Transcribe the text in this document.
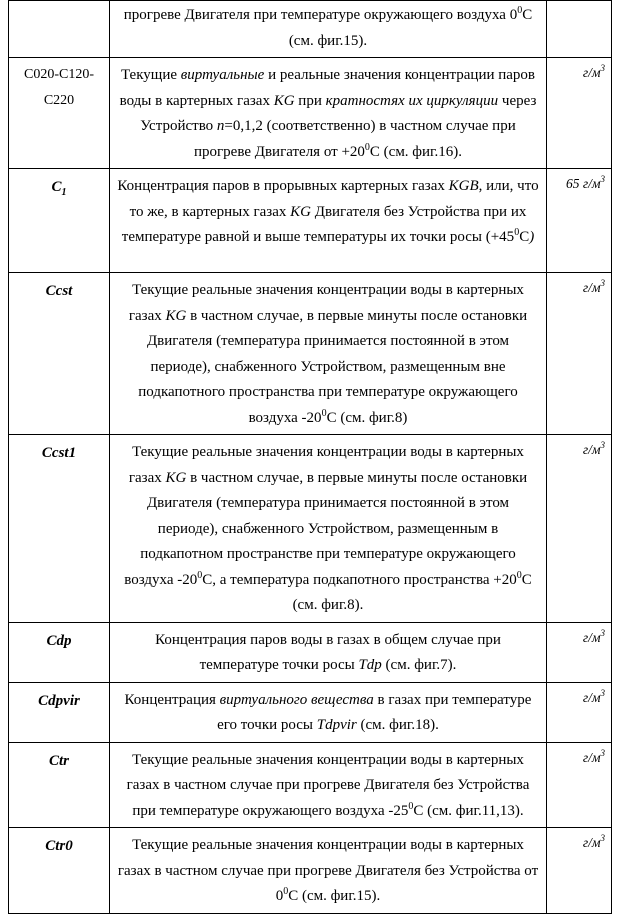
	прогреве Двигателя при температуре окружающего воздуха $0^0С$ (см. фиг.15).	

C020-C120-C220	Текущие виртуальные и реальные значения концентрации паров воды в картерных газах KG при кратностях их циркуляции через Устройство n=0,1,2 (соответственно) в частном случае при прогреве Двигателя от $+20^0С$ (см. фиг.16).	$г/м^3$

$C_1$	Концентрация паров в прорывных картерных газах KGB, или, что то же, в картерных газах KG Двигателя без Устройства при их температуре равной и выше температуры их точки росы $(+45^0C)$	65 $г/м^3$

Ccst	Текущие реальные значения концентрации воды в картерных газах KG в частном случае, в первые минуты после остановки Двигателя (температура принимается постоянной в этом периоде), снабженного Устройством, размещенным вне подкапотного пространства при температуре окружающего воздуха $-20^0С$ (см. фиг.8)	$г/м^3$

Ccst1	Текущие реальные значения концентрации воды в картерных газах KG в частном случае, в первые минуты после остановки Двигателя (температура принимается постоянной в этом периоде), снабженного Устройством, размещенным в подкапотном пространстве при температуре окружающего воздуха $-20^0С$, а температура подкапотного пространства $+20^0С$ (см. фиг.8).	$г/м^3$

Cdp	Концентрация паров воды в газах в общем случае при температуре точки росы Tdp (см. фиг.7).	$г/м^3$

Cdpvir	Концентрация виртуального вещества в газах при температуре его точки росы Tdpvir (см. фиг.18).	$г/м^3$

Ctr	Текущие реальные значения концентрации воды в картерных газах в частном случае при прогреве Двигателя без Устройства при температуре окружающего воздуха $-25^0С$ (см. фиг.11,13).	$г/м^3$

Ctr0	Текущие реальные значения концентрации воды в картерных газах в частном случае при прогреве Двигателя без Устройства от $0^0С$ (см. фиг.15).	$г/м^3$
